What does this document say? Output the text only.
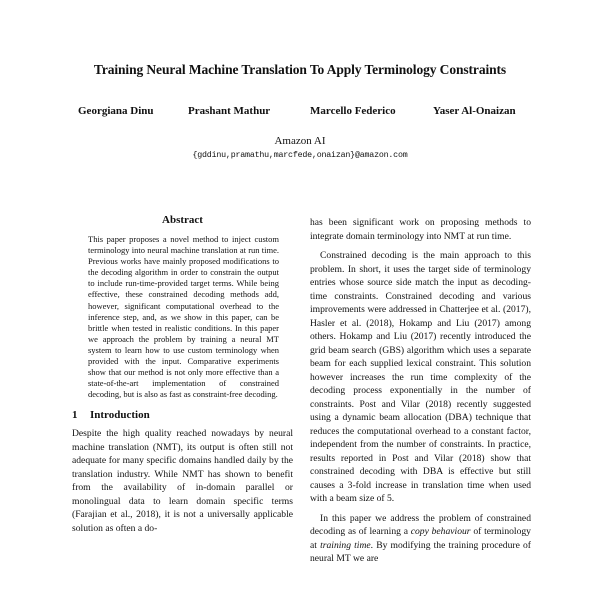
Training Neural Machine Translation To Apply Terminology Constraints
Georgiana Dinu	Prashant Mathur	Marcello Federico	Yaser Al-Onaizan
Amazon AI
{gddinu,pramathu,marcfede,onaizan}@amazon.com
Abstract

This paper proposes a novel method to inject custom terminology into neural machine translation at run time. Previous works have mainly proposed modifications to the decoding algorithm in order to constrain the output to include run-time-provided target terms. While being effective, these constrained decoding methods add, however, significant computational overhead to the inference step, and, as we show in this paper, can be brittle when tested in realistic conditions. In this paper we approach the problem by training a neural MT system to learn how to use custom terminology when provided with the input. Comparative experiments show that our method is not only more effective than a state-of-the-art implementation of constrained decoding, but is also as fast as constraint-free decoding.

1 Introduction

Despite the high quality reached nowadays by neural machine translation (NMT), its output is often still not adequate for many specific domains handled daily by the translation industry. While NMT has shown to benefit from the availability of in-domain parallel or monolingual data to learn domain specific terms (Farajian et al., 2018), it is not a universally applicable solution as often a do-

has been significant work on proposing methods to integrate domain terminology into NMT at run time.

Constrained decoding is the main approach to this problem. In short, it uses the target side of terminology entries whose source side match the input as decoding-time constraints. Constrained decoding and various improvements were addressed in Chatterjee et al. (2017), Hasler et al. (2018), Hokamp and Liu (2017) among others. Hokamp and Liu (2017) recently introduced the grid beam search (GBS) algorithm which uses a separate beam for each supplied lexical constraint. This solution however increases the run time complexity of the decoding process exponentially in the number of constraints. Post and Vilar (2018) recently suggested using a dynamic beam allocation (DBA) technique that reduces the computational overhead to a constant factor, independent from the number of constraints. In practice, results reported in Post and Vilar (2018) show that constrained decoding with DBA is effective but still causes a 3-fold increase in translation time when used with a beam size of 5.

In this paper we address the problem of constrained decoding as of learning a copy behaviour of terminology at training time. By modifying the training procedure of neural MT we are
